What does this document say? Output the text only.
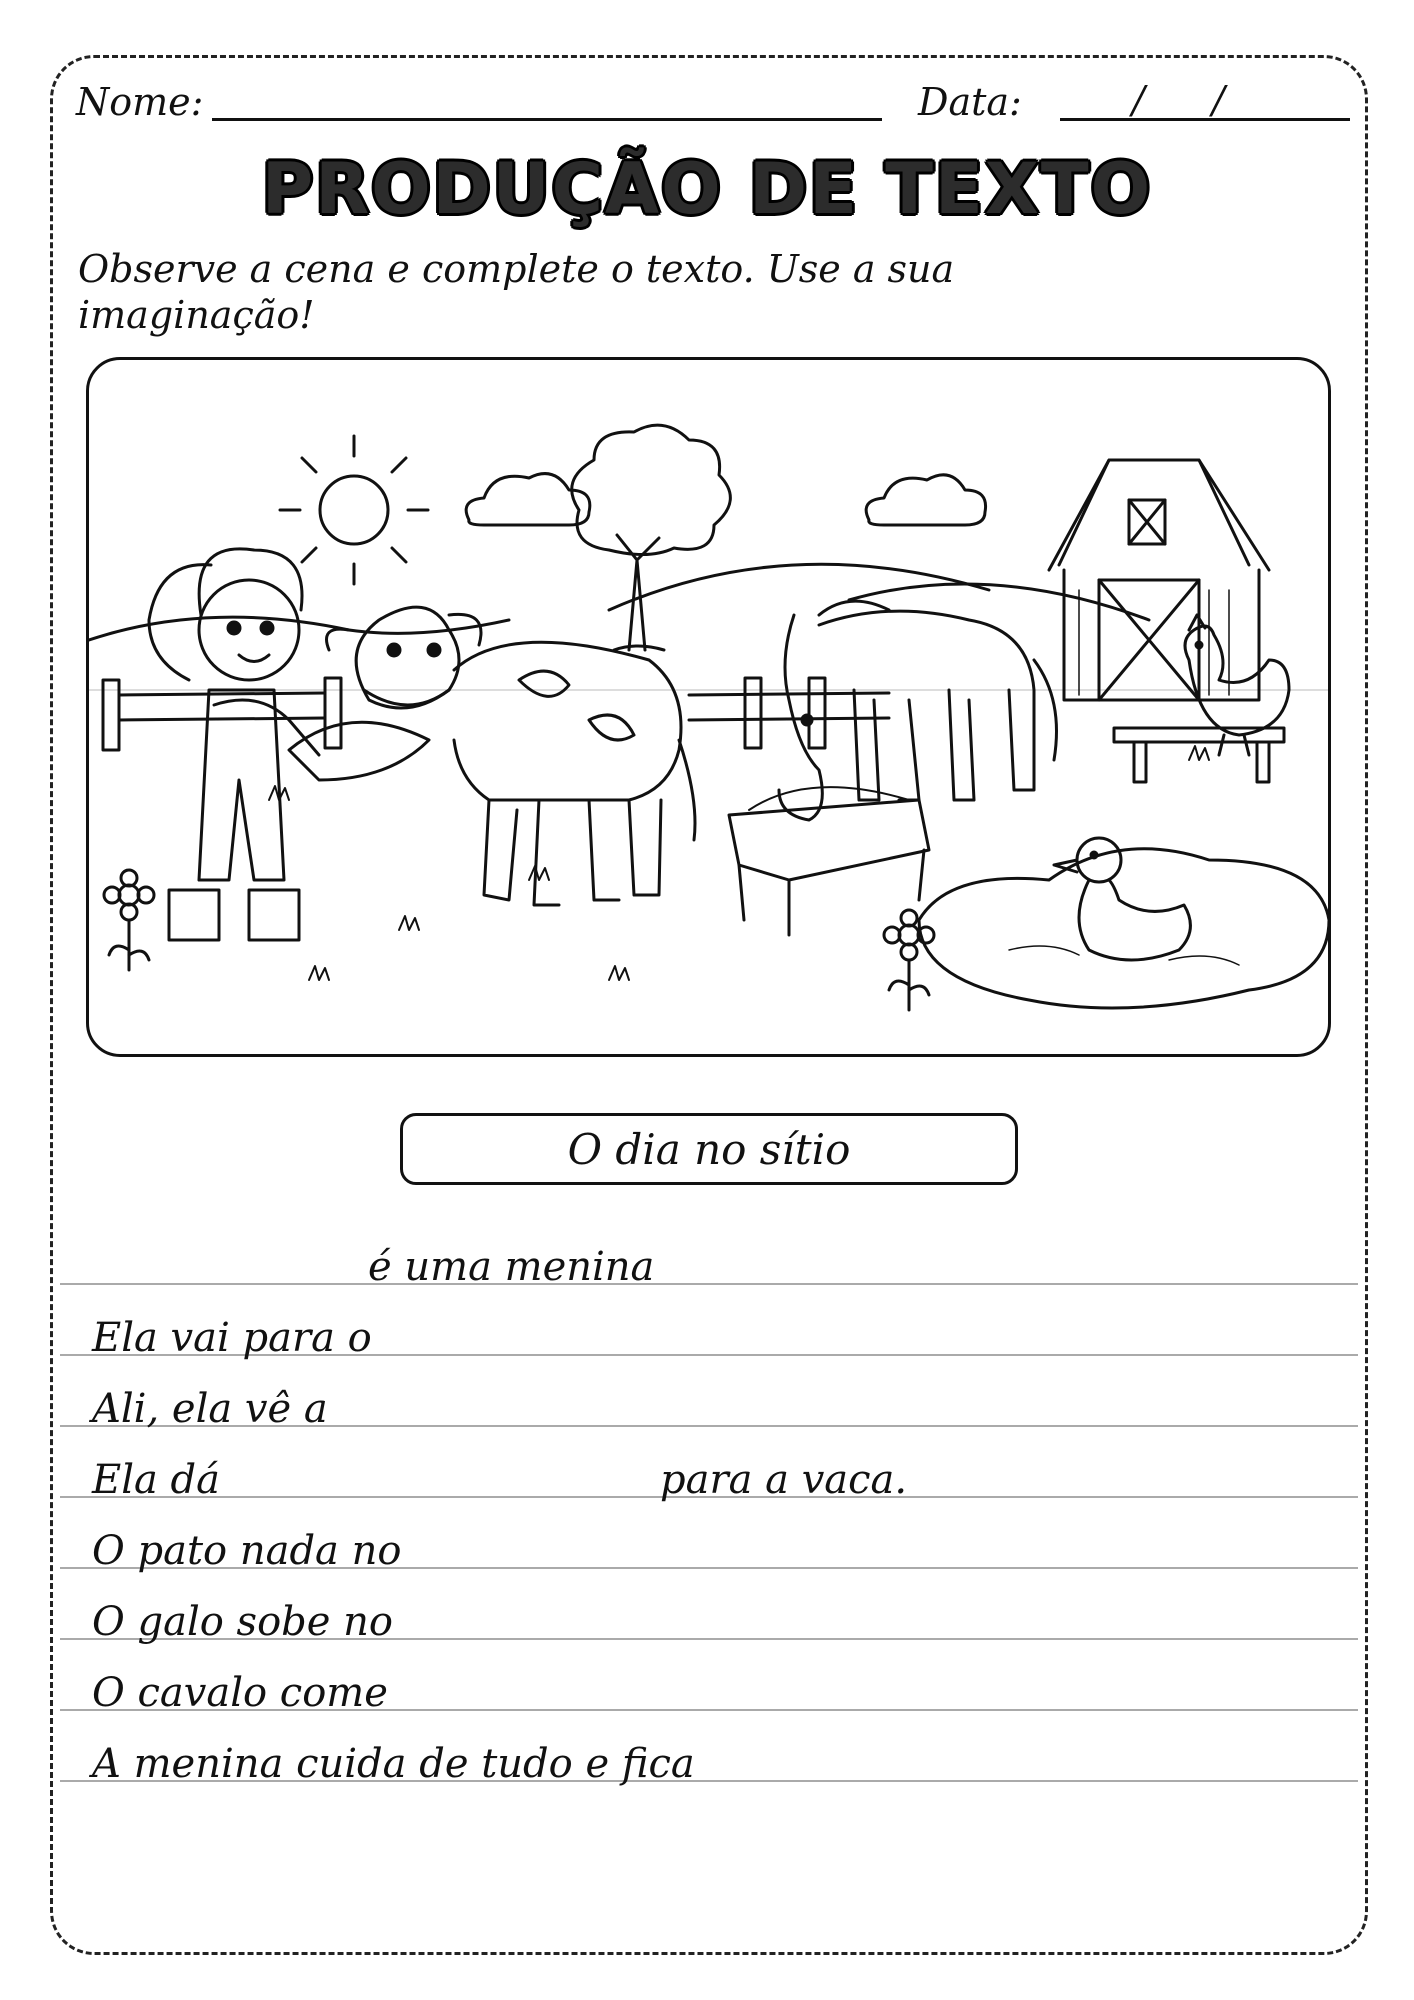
Nome:	Data:	/ /
PRODUÇÃO DE TEXTO
Observe a cena e complete o texto. Use a sua imaginação!
O dia no sítio
é uma menina
Ela vai para o
Ali, ela vê a
Ela dá	para a vaca.
O pato nada no
O galo sobe no
O cavalo come
A menina cuida de tudo e fica
